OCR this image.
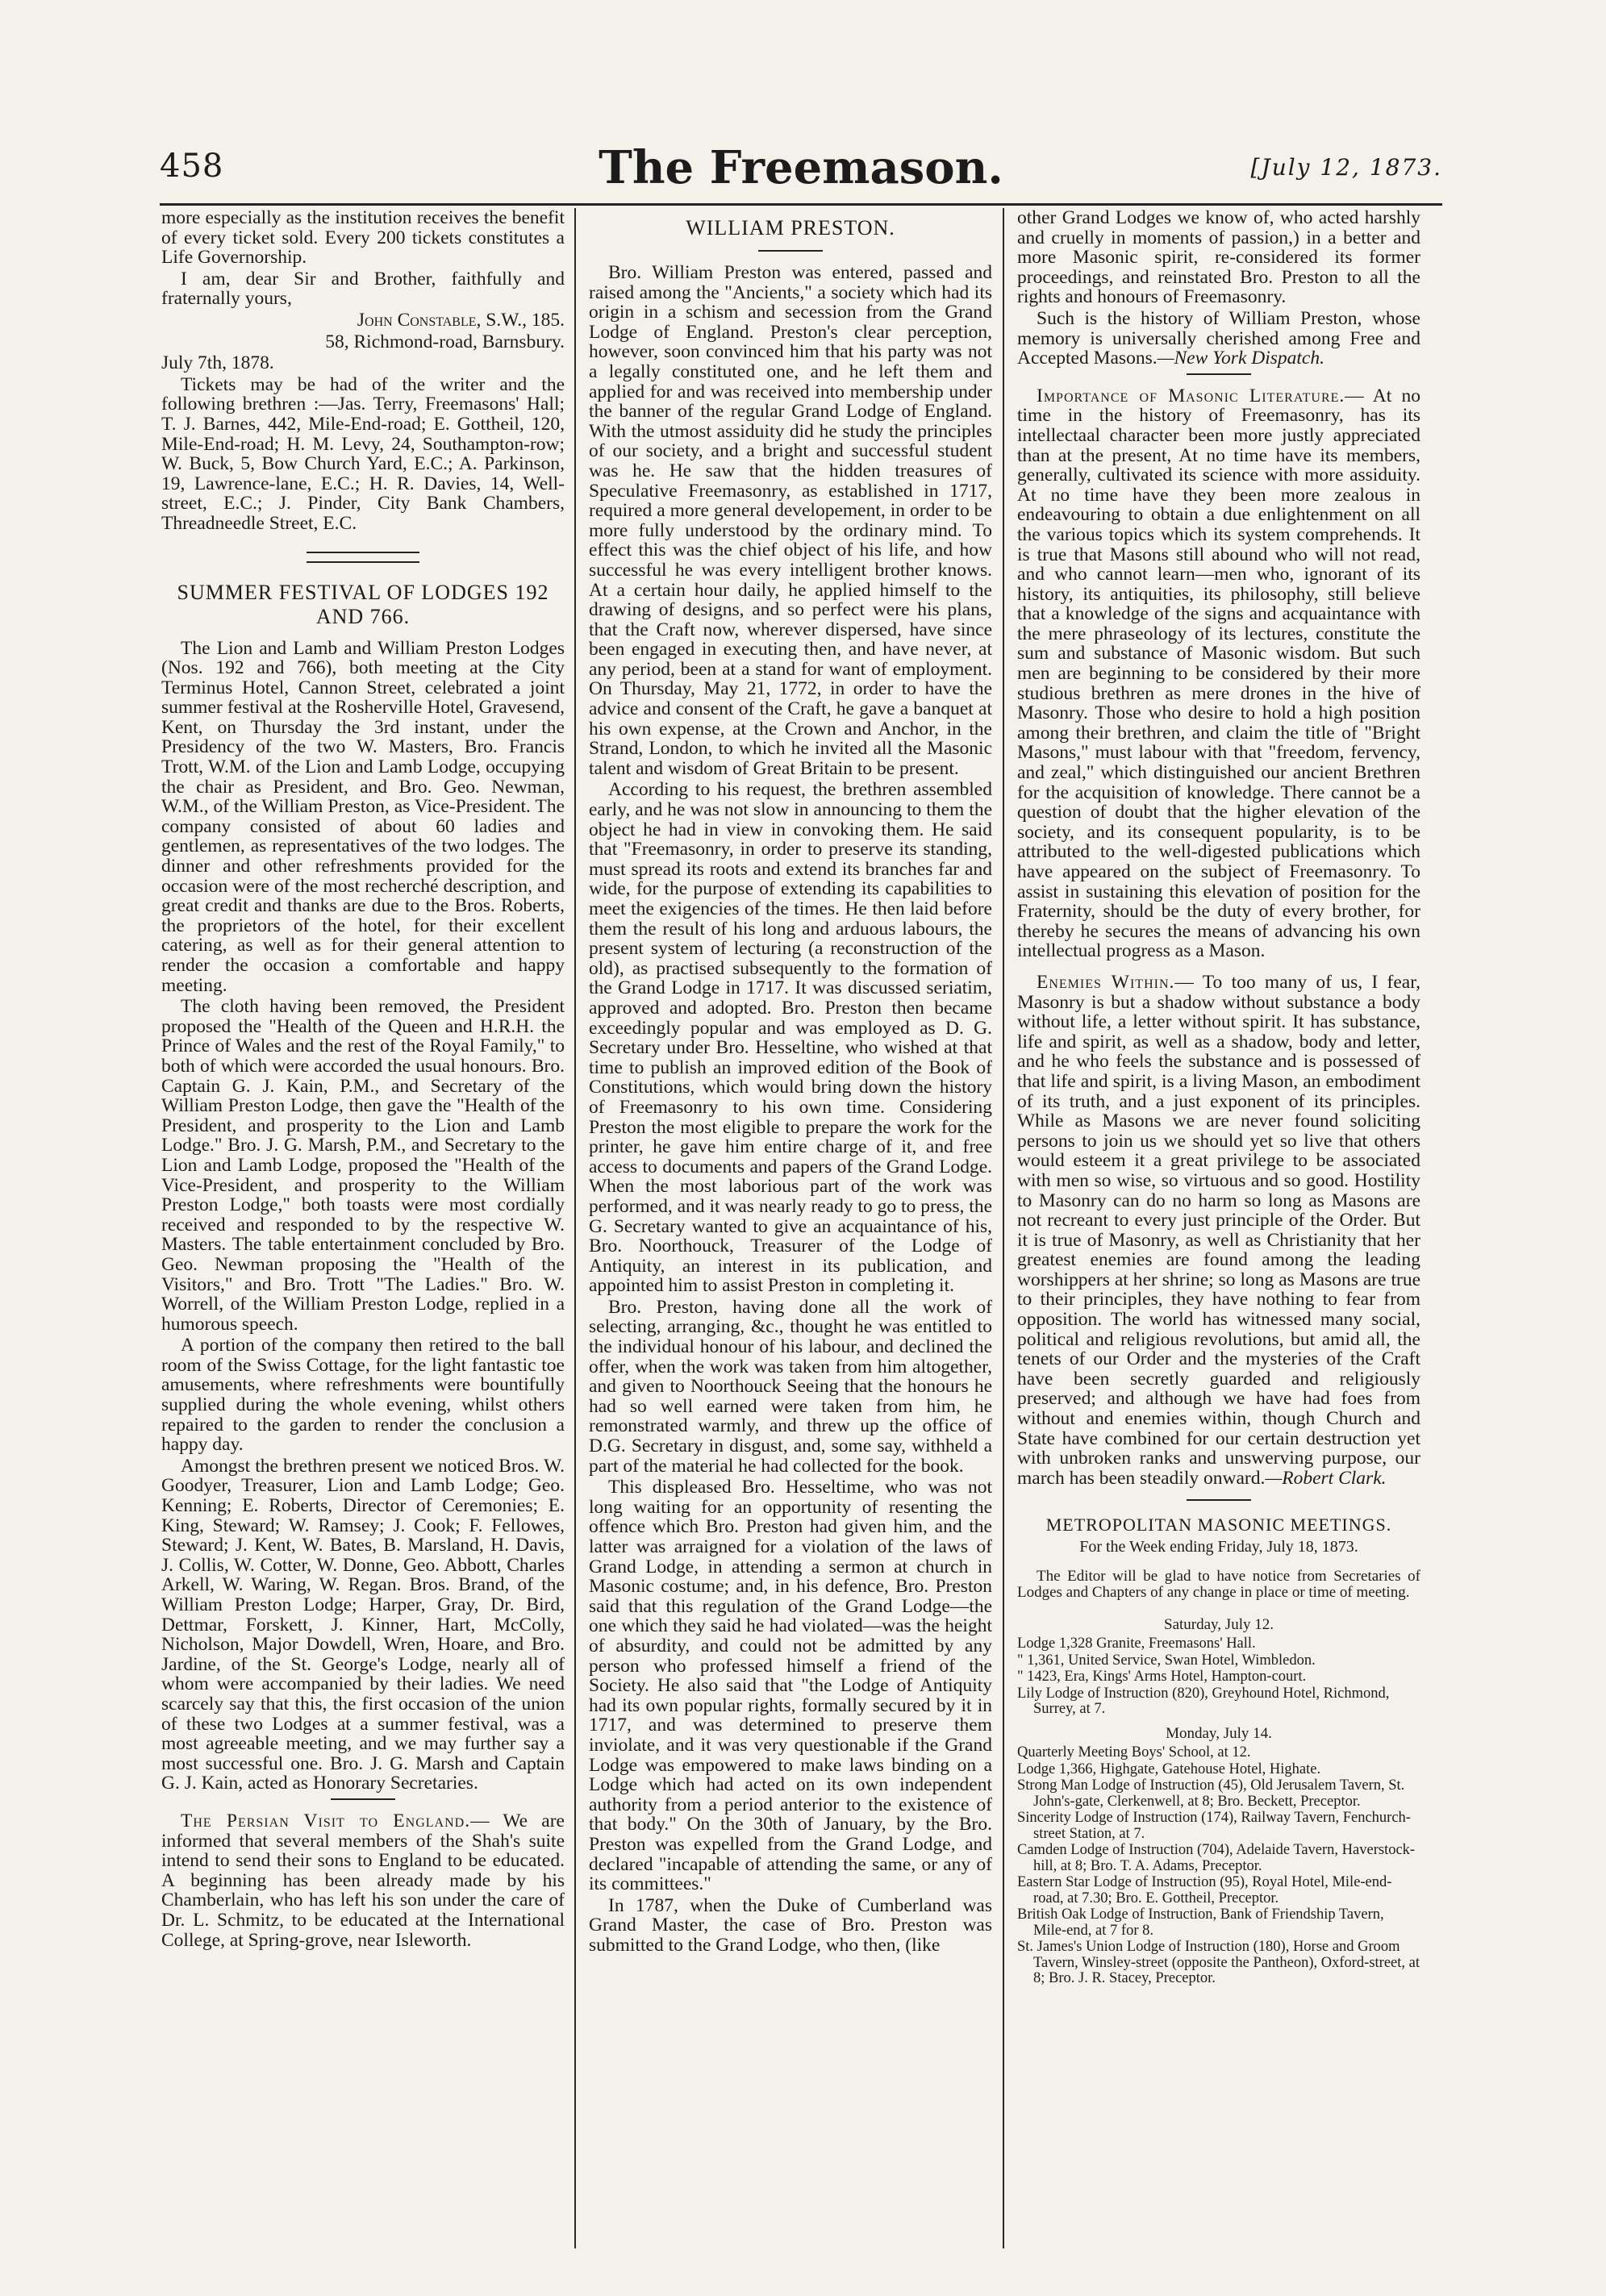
458	The Freemason.	[July 12, 1873.

more especially as the institution receives the benefit of every ticket sold. Every 200 tickets constitutes a Life Governorship.

I am, dear Sir and Brother, faithfully and fraternally yours,

John Constable, S.W., 185.

58, Richmond-road, Barnsbury.

July 7th, 1878.

Tickets may be had of the writer and the following brethren :—Jas. Terry, Freemasons' Hall; T. J. Barnes, 442, Mile-End-road; E. Gottheil, 120, Mile-End-road; H. M. Levy, 24, Southampton-row; W. Buck, 5, Bow Church Yard, E.C.; A. Parkinson, 19, Lawrence-lane, E.C.; H. R. Davies, 14, Well-street, E.C.; J. Pinder, City Bank Chambers, Threadneedle Street, E.C.

SUMMER FESTIVAL OF LODGES 192 AND 766.

The Lion and Lamb and William Preston Lodges (Nos. 192 and 766), both meeting at the City Terminus Hotel, Cannon Street, celebrated a joint summer festival at the Rosherville Hotel, Gravesend, Kent, on Thursday the 3rd instant, under the Presidency of the two W. Masters, Bro. Francis Trott, W.M. of the Lion and Lamb Lodge, occupying the chair as President, and Bro. Geo. Newman, W.M., of the William Preston, as Vice-President. The company consisted of about 60 ladies and gentlemen, as representatives of the two lodges. The dinner and other refreshments provided for the occasion were of the most recherché description, and great credit and thanks are due to the Bros. Roberts, the proprietors of the hotel, for their excellent catering, as well as for their general attention to render the occasion a comfortable and happy meeting.

The cloth having been removed, the President proposed the "Health of the Queen and H.R.H. the Prince of Wales and the rest of the Royal Family," to both of which were accorded the usual honours. Bro. Captain G. J. Kain, P.M., and Secretary of the William Preston Lodge, then gave the "Health of the President, and prosperity to the Lion and Lamb Lodge." Bro. J. G. Marsh, P.M., and Secretary to the Lion and Lamb Lodge, proposed the "Health of the Vice-President, and prosperity to the William Preston Lodge," both toasts were most cordially received and responded to by the respective W. Masters. The table entertainment concluded by Bro. Geo. Newman proposing the "Health of the Visitors," and Bro. Trott "The Ladies." Bro. W. Worrell, of the William Preston Lodge, replied in a humorous speech.

A portion of the company then retired to the ball room of the Swiss Cottage, for the light fantastic toe amusements, where refreshments were bountifully supplied during the whole evening, whilst others repaired to the garden to render the conclusion a happy day.

Amongst the brethren present we noticed Bros. W. Goodyer, Treasurer, Lion and Lamb Lodge; Geo. Kenning; E. Roberts, Director of Ceremonies; E. King, Steward; W. Ramsey; J. Cook; F. Fellowes, Steward; J. Kent, W. Bates, B. Marsland, H. Davis, J. Collis, W. Cotter, W. Donne, Geo. Abbott, Charles Arkell, W. Waring, W. Regan. Bros. Brand, of the William Preston Lodge; Harper, Gray, Dr. Bird, Dettmar, Forskett, J. Kinner, Hart, McColly, Nicholson, Major Dowdell, Wren, Hoare, and Bro. Jardine, of the St. George's Lodge, nearly all of whom were accompanied by their ladies. We need scarcely say that this, the first occasion of the union of these two Lodges at a summer festival, was a most agreeable meeting, and we may further say a most successful one. Bro. J. G. Marsh and Captain G. J. Kain, acted as Honorary Secretaries.

The Persian Visit to England.— We are informed that several members of the Shah's suite intend to send their sons to England to be educated. A beginning has been already made by his Chamberlain, who has left his son under the care of Dr. L. Schmitz, to be educated at the International College, at Spring-grove, near Isleworth.

WILLIAM PRESTON.

Bro. William Preston was entered, passed and raised among the "Ancients," a society which had its origin in a schism and secession from the Grand Lodge of England. Preston's clear perception, however, soon convinced him that his party was not a legally constituted one, and he left them and applied for and was received into membership under the banner of the regular Grand Lodge of England. With the utmost assiduity did he study the principles of our society, and a bright and successful student was he. He saw that the hidden treasures of Speculative Freemasonry, as established in 1717, required a more general developement, in order to be more fully understood by the ordinary mind. To effect this was the chief object of his life, and how successful he was every intelligent brother knows. At a certain hour daily, he applied himself to the drawing of designs, and so perfect were his plans, that the Craft now, wherever dispersed, have since been engaged in executing then, and have never, at any period, been at a stand for want of employment. On Thursday, May 21, 1772, in order to have the advice and consent of the Craft, he gave a banquet at his own expense, at the Crown and Anchor, in the Strand, London, to which he invited all the Masonic talent and wisdom of Great Britain to be present.

According to his request, the brethren assembled early, and he was not slow in announcing to them the object he had in view in convoking them. He said that "Freemasonry, in order to preserve its standing, must spread its roots and extend its branches far and wide, for the purpose of extending its capabilities to meet the exigencies of the times. He then laid before them the result of his long and arduous labours, the present system of lecturing (a reconstruction of the old), as practised subsequently to the formation of the Grand Lodge in 1717. It was discussed seriatim, approved and adopted. Bro. Preston then became exceedingly popular and was employed as D. G. Secretary under Bro. Hesseltine, who wished at that time to publish an improved edition of the Book of Constitutions, which would bring down the history of Freemasonry to his own time. Considering Preston the most eligible to prepare the work for the printer, he gave him entire charge of it, and free access to documents and papers of the Grand Lodge. When the most laborious part of the work was performed, and it was nearly ready to go to press, the G. Secretary wanted to give an acquaintance of his, Bro. Noorthouck, Treasurer of the Lodge of Antiquity, an interest in its publication, and appointed him to assist Preston in completing it.

Bro. Preston, having done all the work of selecting, arranging, &c., thought he was entitled to the individual honour of his labour, and declined the offer, when the work was taken from him altogether, and given to Noorthouck Seeing that the honours he had so well earned were taken from him, he remonstrated warmly, and threw up the office of D.G. Secretary in disgust, and, some say, withheld a part of the material he had collected for the book.

This displeased Bro. Hesseltime, who was not long waiting for an opportunity of resenting the offence which Bro. Preston had given him, and the latter was arraigned for a violation of the laws of Grand Lodge, in attending a sermon at church in Masonic costume; and, in his defence, Bro. Preston said that this regulation of the Grand Lodge—the one which they said he had violated—was the height of absurdity, and could not be admitted by any person who professed himself a friend of the Society. He also said that "the Lodge of Antiquity had its own popular rights, formally secured by it in 1717, and was determined to preserve them inviolate, and it was very questionable if the Grand Lodge was empowered to make laws binding on a Lodge which had acted on its own independent authority from a period anterior to the existence of that body." On the 30th of January, by the Bro. Preston was expelled from the Grand Lodge, and declared "incapable of attending the same, or any of its committees."

In 1787, when the Duke of Cumberland was Grand Master, the case of Bro. Preston was submitted to the Grand Lodge, who then, (like

other Grand Lodges we know of, who acted harshly and cruelly in moments of passion,) in a better and more Masonic spirit, re-considered its former proceedings, and reinstated Bro. Preston to all the rights and honours of Freemasonry.

Such is the history of William Preston, whose memory is universally cherished among Free and Accepted Masons.—New York Dispatch.

Importance of Masonic Literature.— At no time in the history of Freemasonry, has its intellectaal character been more justly appreciated than at the present, At no time have its members, generally, cultivated its science with more assiduity. At no time have they been more zealous in endeavouring to obtain a due enlightenment on all the various topics which its system comprehends. It is true that Masons still abound who will not read, and who cannot learn—men who, ignorant of its history, its antiquities, its philosophy, still believe that a knowledge of the signs and acquaintance with the mere phraseology of its lectures, constitute the sum and substance of Masonic wisdom. But such men are beginning to be considered by their more studious brethren as mere drones in the hive of Masonry. Those who desire to hold a high position among their brethren, and claim the title of "Bright Masons," must labour with that "freedom, fervency, and zeal," which distinguished our ancient Brethren for the acquisition of knowledge. There cannot be a question of doubt that the higher elevation of the society, and its consequent popularity, is to be attributed to the well-digested publications which have appeared on the subject of Freemasonry. To assist in sustaining this elevation of position for the Fraternity, should be the duty of every brother, for thereby he secures the means of advancing his own intellectual progress as a Mason.

Enemies Within.— To too many of us, I fear, Masonry is but a shadow without substance a body without life, a letter without spirit. It has substance, life and spirit, as well as a shadow, body and letter, and he who feels the substance and is possessed of that life and spirit, is a living Mason, an embodiment of its truth, and a just exponent of its principles. While as Masons we are never found soliciting persons to join us we should yet so live that others would esteem it a great privilege to be associated with men so wise, so virtuous and so good. Hostility to Masonry can do no harm so long as Masons are not recreant to every just principle of the Order. But it is true of Masonry, as well as Christianity that her greatest enemies are found among the leading worshippers at her shrine; so long as Masons are true to their principles, they have nothing to fear from opposition. The world has witnessed many social, political and religious revolutions, but amid all, the tenets of our Order and the mysteries of the Craft have been secretly guarded and religiously preserved; and although we have had foes from without and enemies within, though Church and State have combined for our certain destruction yet with unbroken ranks and unswerving purpose, our march has been steadily onward.—Robert Clark.

METROPOLITAN MASONIC MEETINGS.

For the Week ending Friday, July 18, 1873.

The Editor will be glad to have notice from Secretaries of Lodges and Chapters of any change in place or time of meeting.

Saturday, July 12.

Lodge 1,328 Granite, Freemasons' Hall.

" 1,361, United Service, Swan Hotel, Wimbledon.

" 1423, Era, Kings' Arms Hotel, Hampton-court.

Lily Lodge of Instruction (820), Greyhound Hotel, Richmond, Surrey, at 7.

Monday, July 14.

Quarterly Meeting Boys' School, at 12.

Lodge 1,366, Highgate, Gatehouse Hotel, Highate.

Strong Man Lodge of Instruction (45), Old Jerusalem Tavern, St. John's-gate, Clerkenwell, at 8; Bro. Beckett, Preceptor.

Sincerity Lodge of Instruction (174), Railway Tavern, Fenchurch-street Station, at 7.

Camden Lodge of Instruction (704), Adelaide Tavern, Haverstock-hill, at 8; Bro. T. A. Adams, Preceptor.

Eastern Star Lodge of Instruction (95), Royal Hotel, Mile-end-road, at 7.30; Bro. E. Gottheil, Preceptor.

British Oak Lodge of Instruction, Bank of Friendship Tavern, Mile-end, at 7 for 8.

St. James's Union Lodge of Instruction (180), Horse and Groom Tavern, Winsley-street (opposite the Pantheon), Oxford-street, at 8; Bro. J. R. Stacey, Preceptor.
